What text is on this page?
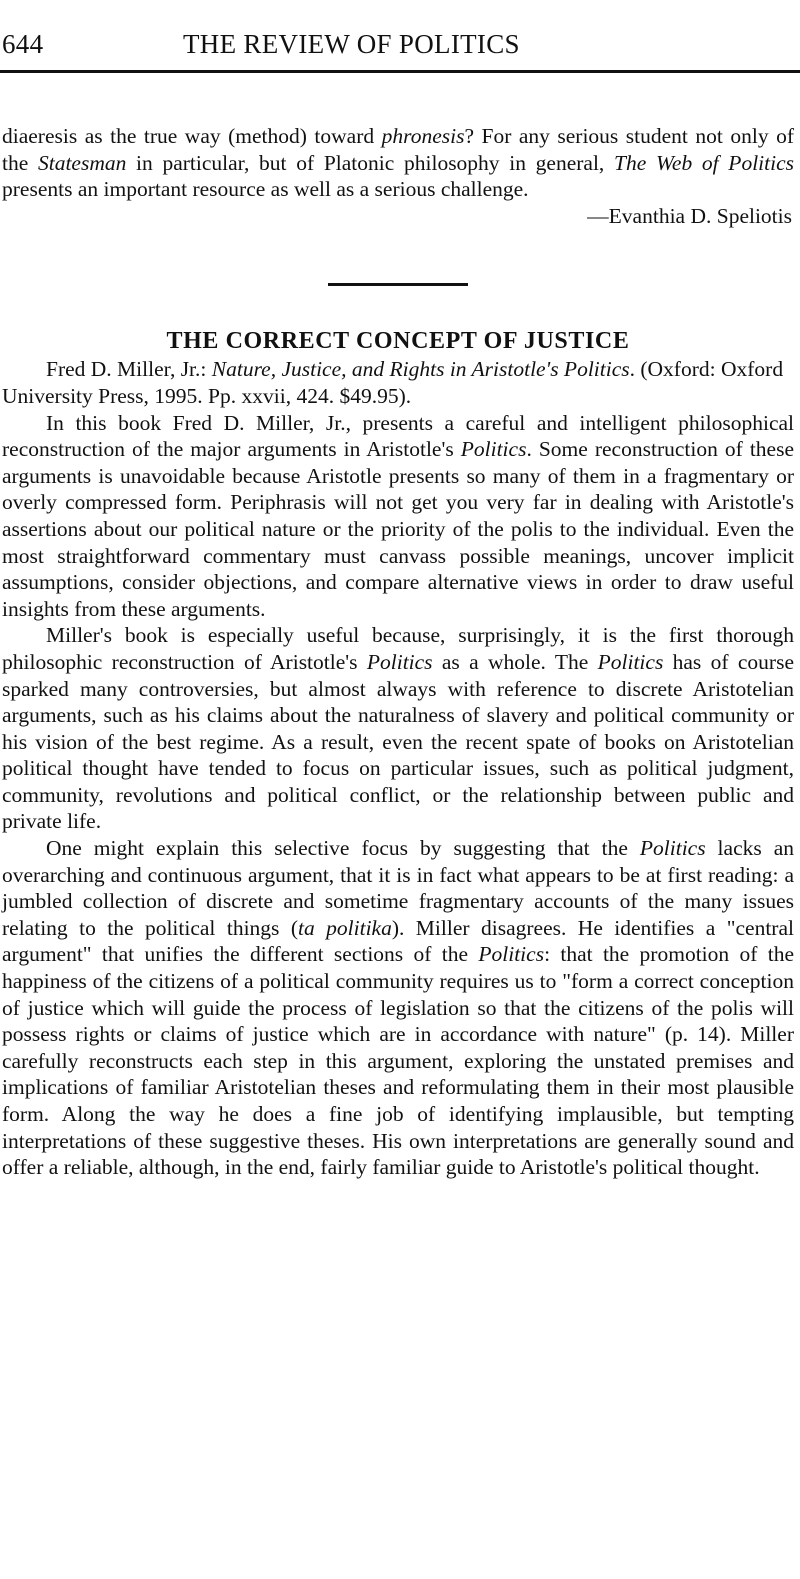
644	THE REVIEW OF POLITICS

diaeresis as the true way (method) toward phronesis? For any serious student not only of the Statesman in particular, but of Platonic philosophy in general, The Web of Politics presents an important resource as well as a serious challenge.

—Evanthia D. Speliotis

THE CORRECT CONCEPT OF JUSTICE

Fred D. Miller, Jr.: Nature, Justice, and Rights in Aristotle's Politics. (Oxford: Oxford University Press, 1995. Pp. xxvii, 424. $49.95).

In this book Fred D. Miller, Jr., presents a careful and intelligent philosophical reconstruction of the major arguments in Aristotle's Politics. Some reconstruction of these arguments is unavoidable because Aristotle presents so many of them in a fragmentary or overly compressed form. Periphrasis will not get you very far in dealing with Aristotle's assertions about our political nature or the priority of the polis to the individual. Even the most straightforward commentary must canvass possible meanings, uncover implicit assumptions, consider objections, and compare alternative views in order to draw useful insights from these arguments.

Miller's book is especially useful because, surprisingly, it is the first thorough philosophic reconstruction of Aristotle's Politics as a whole. The Politics has of course sparked many controversies, but almost always with reference to discrete Aristotelian arguments, such as his claims about the naturalness of slavery and political community or his vision of the best regime. As a result, even the recent spate of books on Aristotelian political thought have tended to focus on particular issues, such as political judgment, community, revolutions and political conflict, or the relationship between public and private life.

One might explain this selective focus by suggesting that the Politics lacks an overarching and continuous argument, that it is in fact what appears to be at first reading: a jumbled collection of discrete and sometime fragmentary accounts of the many issues relating to the political things (ta politika). Miller disagrees. He identifies a "central argument" that unifies the different sections of the Politics: that the promotion of the happiness of the citizens of a political community requires us to "form a correct conception of justice which will guide the process of legislation so that the citizens of the polis will possess rights or claims of justice which are in accordance with nature" (p. 14). Miller carefully reconstructs each step in this argument, exploring the unstated premises and implications of familiar Aristotelian theses and reformulating them in their most plausible form. Along the way he does a fine job of identifying implausible, but tempting interpretations of these suggestive theses. His own interpretations are generally sound and offer a reliable, although, in the end, fairly familiar guide to Aristotle's political thought.
